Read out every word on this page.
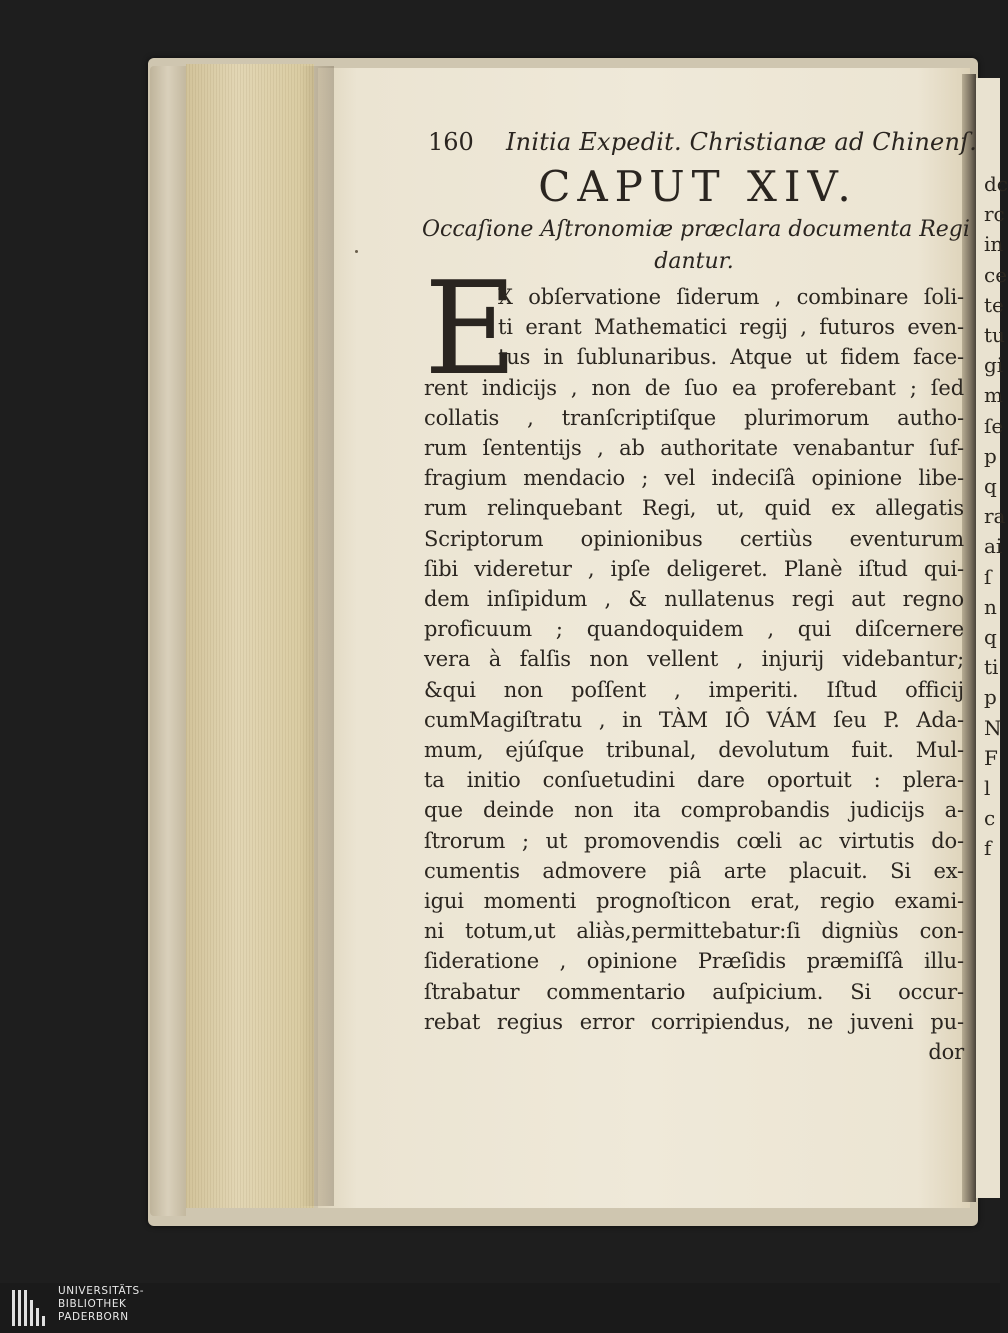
dc
rc
in
ce
te
tu
gi
m
ſe
p
q
ra
ai
ſ
n
q
ti
p
N
F
l
c
f
160 Initia Expedit. Christianæ ad Chinenſ.
CAPUT XIV.
Occaſione Aſtronomiæ præclara documenta Regi
dantur.
E
X obſervatione ſiderum , combinare ſoli-
ti erant Mathematici regij , futuros even-
tus in ſublunaribus. Atque ut fidem face-
rent indicijs , non de ſuo ea proferebant ; ſed
collatis , tranſcriptiſque plurimorum autho-
rum ſententijs , ab authoritate venabantur ſuf-
fragium mendacio ; vel indeciſâ opinione libe-
rum relinquebant Regi, ut, quid ex allegatis
Scriptorum opinionibus certiùs eventurum
ſibi videretur , ipſe deligeret. Planè iſtud qui-
dem inſipidum , & nullatenus regi aut regno
proficuum ; quandoquidem , qui diſcernere
vera à falſis non vellent , injurij videbantur;
&qui non poſſent , imperiti. Iſtud officij
cumMagiſtratu , in TÀM IÔ VÁM ſeu P. Ada-
mum, ejúſque tribunal, devolutum fuit. Mul-
ta initio conſuetudini dare oportuit : plera-
que deinde non ita comprobandis judicijs a-
ſtrorum ; ut promovendis cœli ac virtutis do-
cumentis admovere piâ arte placuit. Si ex-
igui momenti prognoſticon erat, regio exami-
ni totum,ut aliàs,permittebatur:ſi digniùs con-
ſideratione , opinione Præſidis præmiſſâ illu-
ſtrabatur commentario auſpicium. Si occur-
rebat regius error corripiendus, ne juveni pu-
dor
UNIVERSITÄTS-
BIBLIOTHEK
PADERBORN
